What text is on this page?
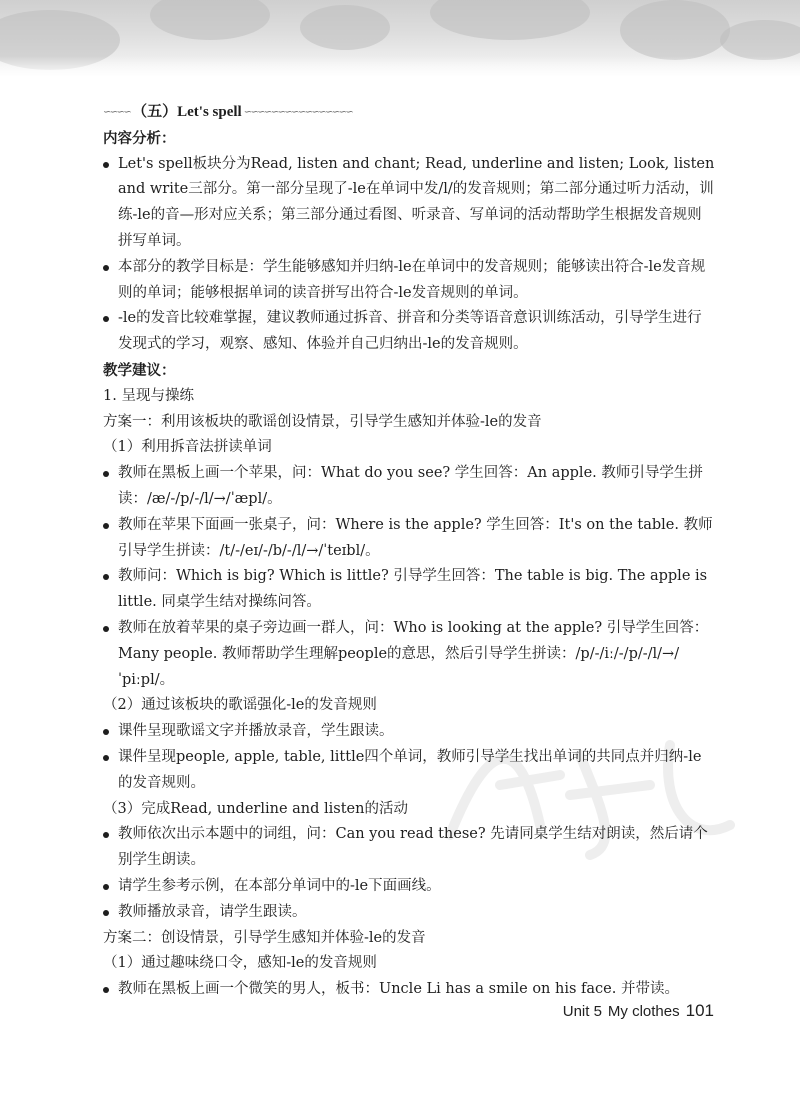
∽∽∽∽ （五）Let's spell ∽∽∽∽∽∽∽∽∽∽∽∽∽∽∽∽
内容分析：

Let's spell板块分为Read, listen and chant; Read, underline and listen; Look, listen and write三部分。第一部分呈现了-le在单词中发/l/的发音规则；第二部分通过听力活动，训练-le的音—形对应关系；第三部分通过看图、听录音、写单词的活动帮助学生根据发音规则拼写单词。

本部分的教学目标是：学生能够感知并归纳-le在单词中的发音规则；能够读出符合-le发音规则的单词；能够根据单词的读音拼写出符合-le发音规则的单词。

-le的发音比较难掌握，建议教师通过拆音、拼音和分类等语音意识训练活动，引导学生进行发现式的学习，观察、感知、体验并自己归纳出-le的发音规则。

教学建议：

1. 呈现与操练

方案一：利用该板块的歌谣创设情景，引导学生感知并体验-le的发音

（1）利用拆音法拼读单词

教师在黑板上画一个苹果，问：What do you see? 学生回答：An apple. 教师引导学生拼读：/æ/-/p/-/l/→/ˈæpl/。

教师在苹果下面画一张桌子，问：Where is the apple? 学生回答：It's on the table. 教师引导学生拼读：/t/-/eɪ/-/b/-/l/→/ˈteɪbl/。

教师问：Which is big? Which is little? 引导学生回答：The table is big. The apple is little. 同桌学生结对操练问答。

教师在放着苹果的桌子旁边画一群人，问：Who is looking at the apple? 引导学生回答：Many people. 教师帮助学生理解people的意思，然后引导学生拼读：/p/-/iː/-/p/-/l/→/ˈpiːpl/。

（2）通过该板块的歌谣强化-le的发音规则

课件呈现歌谣文字并播放录音，学生跟读。

课件呈现people, apple, table, little四个单词，教师引导学生找出单词的共同点并归纳-le的发音规则。

（3）完成Read, underline and listen的活动

教师依次出示本题中的词组，问：Can you read these? 先请同桌学生结对朗读，然后请个别学生朗读。

请学生参考示例，在本部分单词中的-le下面画线。

教师播放录音，请学生跟读。

方案二：创设情景，引导学生感知并体验-le的发音

（1）通过趣味绕口令，感知-le的发音规则

教师在黑板上画一个微笑的男人，板书：Uncle Li has a smile on his face. 并带读。

Unit 5 My clothes 101
